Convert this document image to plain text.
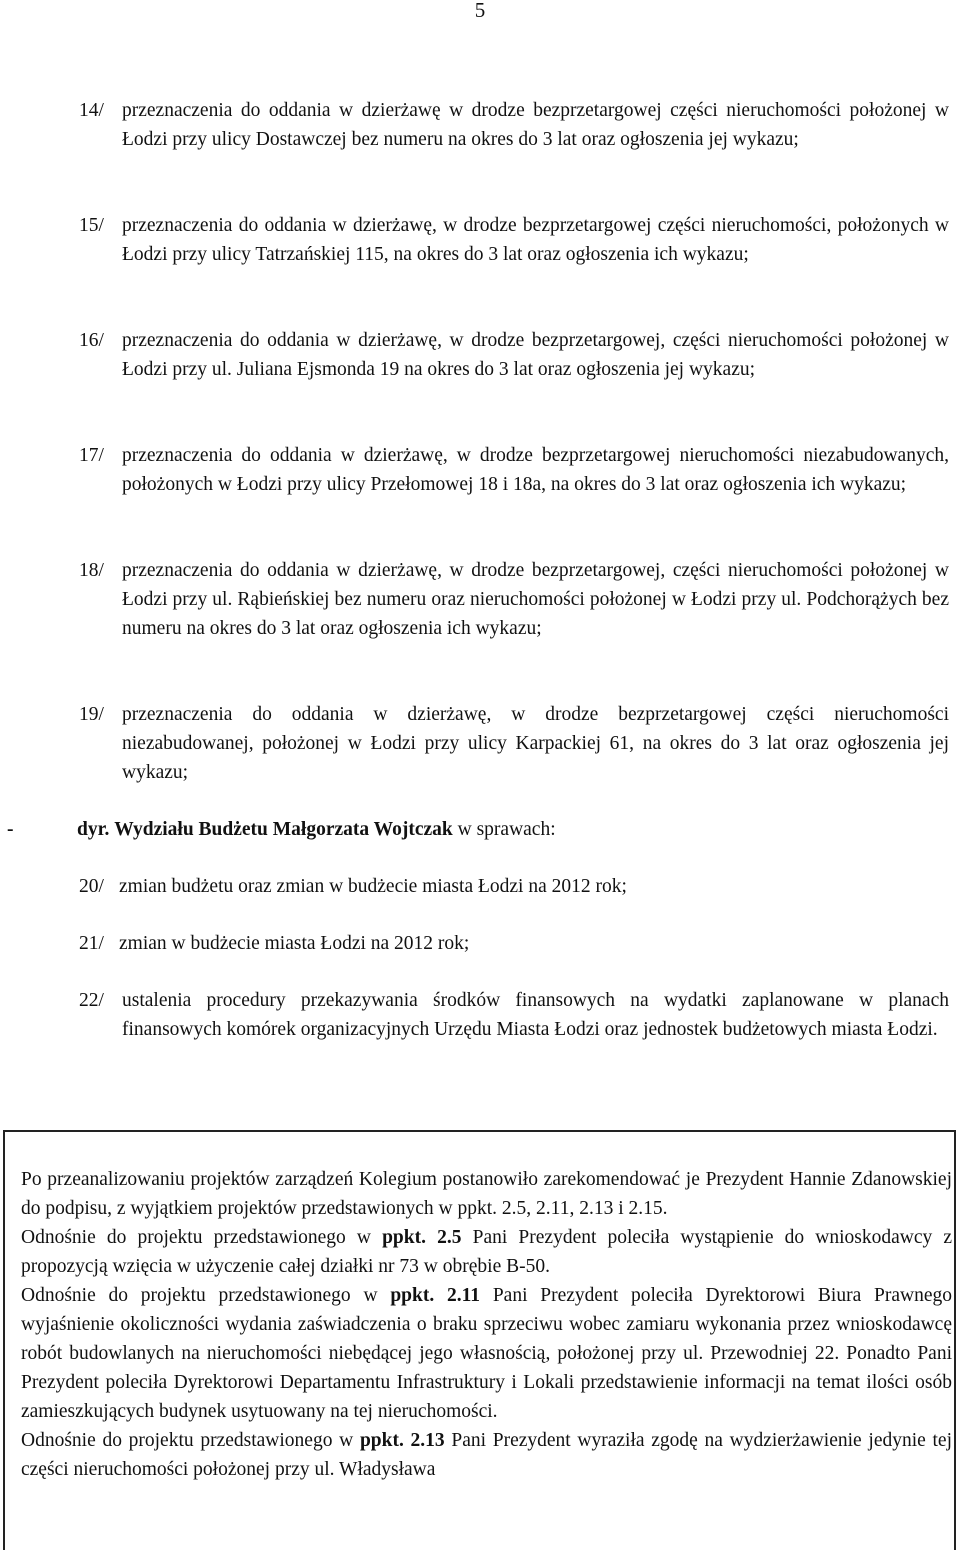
5
14/ przeznaczenia do oddania w dzierżawę w drodze bezprzetargowej części nieruchomości położonej w Łodzi przy ulicy Dostawczej bez numeru na okres do 3 lat oraz ogłoszenia jej wykazu;
15/ przeznaczenia do oddania w dzierżawę, w drodze bezprzetargowej części nieruchomości, położonych w Łodzi przy ulicy Tatrzańskiej 115, na okres do 3 lat oraz ogłoszenia ich wykazu;
16/ przeznaczenia do oddania w dzierżawę, w drodze bezprzetargowej, części nieruchomości położonej w Łodzi przy ul. Juliana Ejsmonda 19 na okres do 3 lat oraz ogłoszenia jej wykazu;
17/ przeznaczenia do oddania w dzierżawę, w drodze bezprzetargowej nieruchomości niezabudowanych, położonych w Łodzi przy ulicy Przełomowej 18 i 18a, na okres do 3 lat oraz ogłoszenia ich wykazu;
18/ przeznaczenia do oddania w dzierżawę, w drodze bezprzetargowej, części nieruchomości położonej w Łodzi przy ul. Rąbieńskiej bez numeru oraz nieruchomości położonej w Łodzi przy ul. Podchorążych bez numeru na okres do 3 lat oraz ogłoszenia ich wykazu;
19/ przeznaczenia do oddania w dzierżawę, w drodze bezprzetargowej części nieruchomości niezabudowanej, położonej w Łodzi przy ulicy Karpackiej 61, na okres do 3 lat oraz ogłoszenia jej wykazu;
-	dyr. Wydziału Budżetu Małgorzata Wojtczak w sprawach:
20/ zmian budżetu oraz zmian w budżecie miasta Łodzi na 2012 rok;
21/ zmian w budżecie miasta Łodzi na 2012 rok;
22/ ustalenia procedury przekazywania środków finansowych na wydatki zaplanowane w planach finansowych komórek organizacyjnych Urzędu Miasta Łodzi oraz jednostek budżetowych miasta Łodzi.

Po przeanalizowaniu projektów zarządzeń Kolegium postanowiło zarekomendować je Prezydent Hannie Zdanowskiej do podpisu, z wyjątkiem projektów przedstawionych w ppkt. 2.5, 2.11, 2.13 i 2.15.

Odnośnie do projektu przedstawionego w ppkt. 2.5 Pani Prezydent poleciła wystąpienie do wnioskodawcy z propozycją wzięcia w użyczenie całej działki nr 73 w obrębie B-50.

Odnośnie do projektu przedstawionego w ppkt. 2.11 Pani Prezydent poleciła Dyrektorowi Biura Prawnego wyjaśnienie okoliczności wydania zaświadczenia o braku sprzeciwu wobec zamiaru wykonania przez wnioskodawcę robót budowlanych na nieruchomości niebędącej jego własnością, położonej przy ul. Przewodniej 22. Ponadto Pani Prezydent poleciła Dyrektorowi Departamentu Infrastruktury i Lokali przedstawienie informacji na temat ilości osób zamieszkujących budynek usytuowany na tej nieruchomości.

Odnośnie do projektu przedstawionego w ppkt. 2.13 Pani Prezydent wyraziła zgodę na wydzierżawienie jedynie tej części nieruchomości położonej przy ul. Władysława
